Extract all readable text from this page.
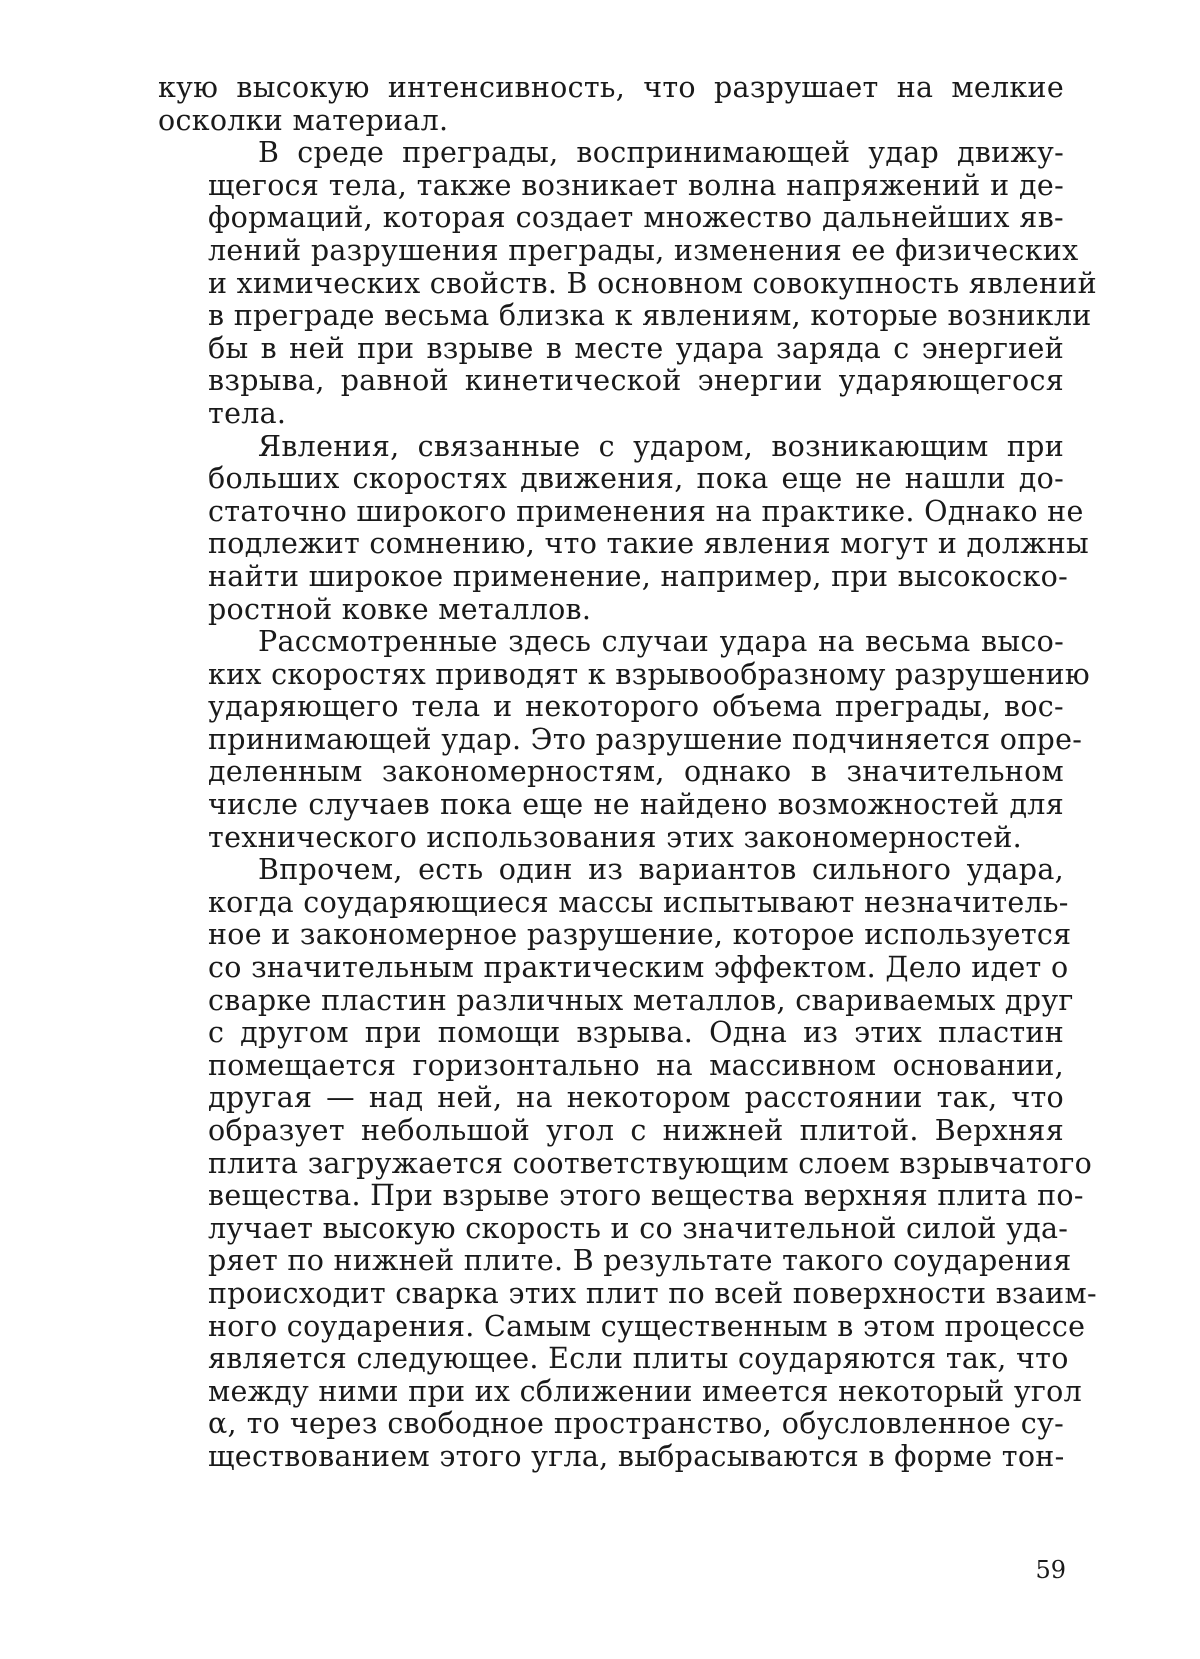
кую высокую интенсивность, что разрушает на мелкие
осколки материал.

В среде преграды, воспринимающей удар движу-
щегося тела, также возникает волна напряжений и де-
формаций, которая создает множество дальнейших яв-
лений разрушения преграды, изменения ее физических
и химических свойств. В основном совокупность явлений
в преграде весьма близка к явлениям, которые возникли
бы в ней при взрыве в месте удара заряда с энергией
взрыва, равной кинетической энергии ударяющегося
тела.

Явления, связанные с ударом, возникающим при
больших скоростях движения, пока еще не нашли до-
статочно широкого применения на практике. Однако не
подлежит сомнению, что такие явления могут и должны
найти широкое применение, например, при высокоско-
ростной ковке металлов.

Рассмотренные здесь случаи удара на весьма высо-
ких скоростях приводят к взрывообразному разрушению
ударяющего тела и некоторого объема преграды, вос-
принимающей удар. Это разрушение подчиняется опре-
деленным закономерностям, однако в значительном
числе случаев пока еще не найдено возможностей для
технического использования этих закономерностей.

Впрочем, есть один из вариантов сильного удара,
когда соударяющиеся массы испытывают незначитель-
ное и закономерное разрушение, которое используется
со значительным практическим эффектом. Дело идет о
сварке пластин различных металлов, свариваемых друг
с другом при помощи взрыва. Одна из этих пластин
помещается горизонтально на массивном основании,
другая — над ней, на некотором расстоянии так, что
образует небольшой угол с нижней плитой. Верхняя
плита загружается соответствующим слоем взрывчатого
вещества. При взрыве этого вещества верхняя плита по-
лучает высокую скорость и со значительной силой уда-
ряет по нижней плите. В результате такого соударения
происходит сварка этих плит по всей поверхности взаим-
ного соударения. Самым существенным в этом процессе
является следующее. Если плиты соударяются так, что
между ними при их сближении имеется некоторый угол
α, то через свободное пространство, обусловленное су-
ществованием этого угла, выбрасываются в форме тон-

59
